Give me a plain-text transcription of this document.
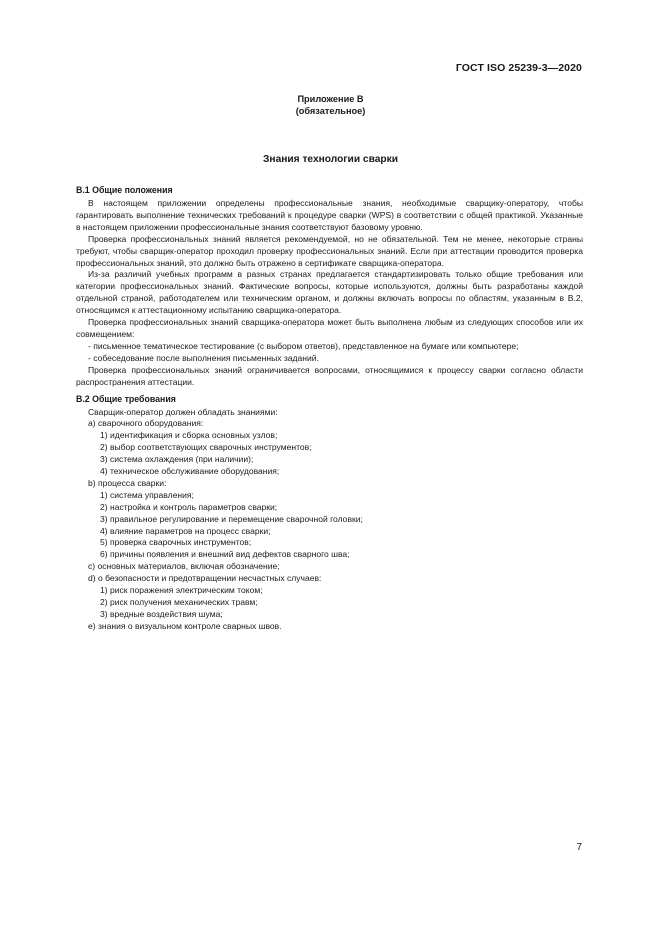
ГОСТ ISO 25239-3—2020
Приложение В
(обязательное)
Знания технологии сварки
В.1 Общие положения

В настоящем приложении определены профессиональные знания, необходимые сварщику-оператору, чтобы гарантировать выполнение технических требований к процедуре сварки (WPS) в соответствии с общей практикой. Указанные в настоящем приложении профессиональные знания соответствуют базовому уровню.

Проверка профессиональных знаний является рекомендуемой, но не обязательной. Тем не менее, некоторые страны требуют, чтобы сварщик-оператор проходил проверку профессиональных знаний. Если при аттестации проводится проверка профессиональных знаний, это должно быть отражено в сертификате сварщика-оператора.

Из-за различий учебных программ в разных странах предлагается стандартизировать только общие требования или категории профессиональных знаний. Фактические вопросы, которые используются, должны быть разработаны каждой отдельной страной, работодателем или техническим органом, и должны включать вопросы по областям, указанным в В.2, относящимся к аттестационному испытанию сварщика-оператора.

Проверка профессиональных знаний сварщика-оператора может быть выполнена любым из следующих способов или их совмещением:

- письменное тематическое тестирование (с выбором ответов), представленное на бумаге или компьютере;

- собеседование после выполнения письменных заданий.

Проверка профессиональных знаний ограничивается вопросами, относящимися к процессу сварки согласно области распространения аттестации.

В.2 Общие требования

Сварщик-оператор должен обладать знаниями:

a) сварочного оборудования:

1) идентификация и сборка основных узлов;

2) выбор соответствующих сварочных инструментов;

3) система охлаждения (при наличии);

4) техническое обслуживание оборудования;

b) процесса сварки:

1) система управления;

2) настройка и контроль параметров сварки;

3) правильное регулирование и перемещение сварочной головки;

4) влияние параметров на процесс сварки;

5) проверка сварочных инструментов;

6) причины появления и внешний вид дефектов сварного шва;

c) основных материалов, включая обозначение;

d) о безопасности и предотвращении несчастных случаев:

1) риск поражения электрическим током;

2) риск получения механических травм;

3) вредные воздействия шума;

e) знания о визуальном контроле сварных швов.

7
